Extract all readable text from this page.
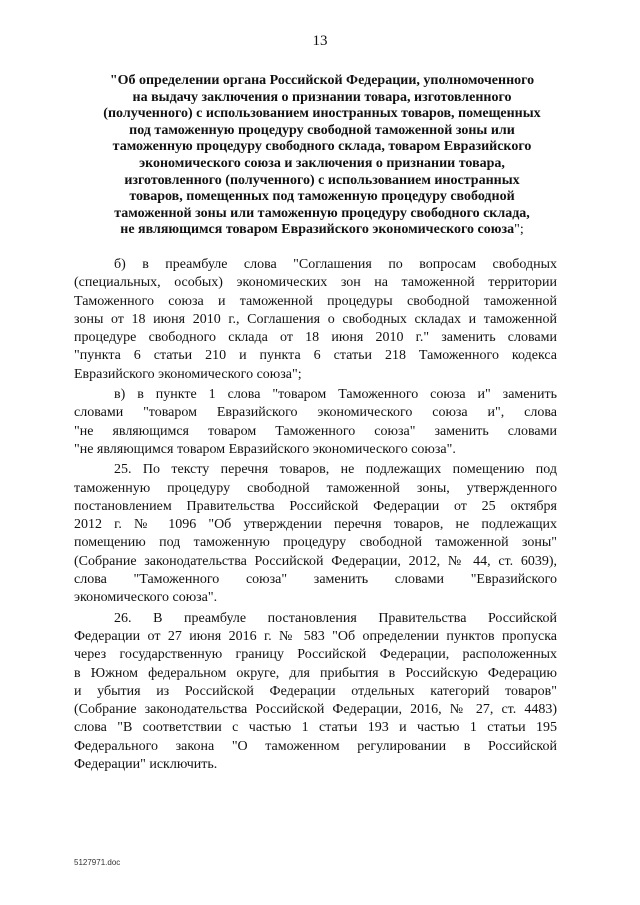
13
"Об определении органа Российской Федерации, уполномоченного
на выдачу заключения о признании товара, изготовленного
(полученного) с использованием иностранных товаров, помещенных
под таможенную процедуру свободной таможенной зоны или
таможенную процедуру свободного склада, товаром Евразийского
экономического союза и заключения о признании товара,
изготовленного (полученного) с использованием иностранных
товаров, помещенных под таможенную процедуру свободной
таможенной зоны или таможенную процедуру свободного склада,
не являющимся товаром Евразийского экономического союза";
б) в преамбуле слова "Соглашения по вопросам свободных
(специальных, особых) экономических зон на таможенной территории
Таможенного союза и таможенной процедуры свободной таможенной
зоны от 18 июня 2010 г., Соглашения о свободных складах и таможенной
процедуре свободного склада от 18 июня 2010 г." заменить словами
"пункта 6 статьи 210 и пункта 6 статьи 218 Таможенного кодекса
Евразийского экономического союза";
в) в пункте 1 слова "товаром Таможенного союза и" заменить
словами "товаром Евразийского экономического союза и", слова
"не являющимся товаром Таможенного союза" заменить словами
"не являющимся товаром Евразийского экономического союза".
25. По тексту перечня товаров, не подлежащих помещению под
таможенную процедуру свободной таможенной зоны, утвержденного
постановлением Правительства Российской Федерации от 25 октября
2012 г. № 1096 "Об утверждении перечня товаров, не подлежащих
помещению под таможенную процедуру свободной таможенной зоны"
(Собрание законодательства Российской Федерации, 2012, № 44, ст. 6039),
слова "Таможенного союза" заменить словами "Евразийского
экономического союза".
26. В преамбуле постановления Правительства Российской
Федерации от 27 июня 2016 г. № 583 "Об определении пунктов пропуска
через государственную границу Российской Федерации, расположенных
в Южном федеральном округе, для прибытия в Российскую Федерацию
и убытия из Российской Федерации отдельных категорий товаров"
(Собрание законодательства Российской Федерации, 2016, № 27, ст. 4483)
слова "В соответствии с частью 1 статьи 193 и частью 1 статьи 195
Федерального закона "О таможенном регулировании в Российской
Федерации" исключить.
5127971.doc
